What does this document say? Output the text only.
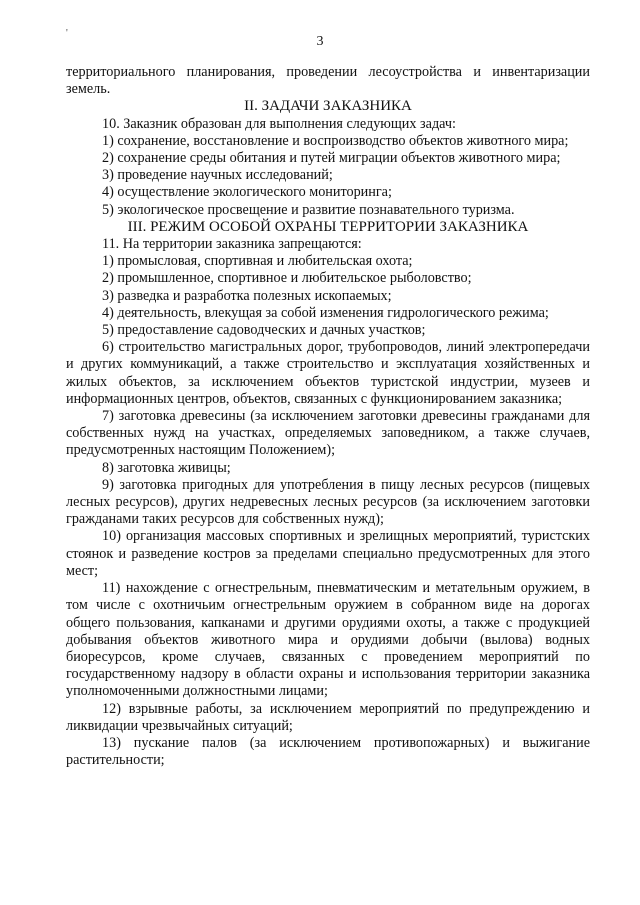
'
3

территориального планирования, проведении лесоустройства и инвентаризации

земель.

II. ЗАДАЧИ ЗАКАЗНИКА

10. Заказник образован для выполнения следующих задач:

1) сохранение, восстановление и воспроизводство объектов животного мира;

2) сохранение среды обитания и путей миграции объектов животного мира;

3) проведение научных исследований;

4) осуществление экологического мониторинга;

5) экологическое просвещение и развитие познавательного туризма.

III. РЕЖИМ ОСОБОЙ ОХРАНЫ ТЕРРИТОРИИ ЗАКАЗНИКА

11. На территории заказника запрещаются:

1) промысловая, спортивная и любительская охота;

2) промышленное, спортивное и любительское рыболовство;

3) разведка и разработка полезных ископаемых;

4) деятельность, влекущая за собой изменения гидрологического режима;

5) предоставление садоводческих и дачных участков;

6) строительство магистральных дорог, трубопроводов, линий электропередачи и других коммуникаций, а также строительство и эксплуатация хозяйственных и жилых объектов, за исключением объектов туристской индустрии, музеев и информационных центров, объектов, связанных с функционированием заказника;

7) заготовка древесины (за исключением заготовки древесины гражданами для собственных нужд на участках, определяемых заповедником, а также случаев, предусмотренных настоящим Положением);

8) заготовка живицы;

9) заготовка пригодных для употребления в пищу лесных ресурсов (пищевых лесных ресурсов), других недревесных лесных ресурсов (за исключением заготовки гражданами таких ресурсов для собственных нужд);

10) организация массовых спортивных и зрелищных мероприятий, туристских стоянок и разведение костров за пределами специально предусмотренных для этого мест;

11) нахождение с огнестрельным, пневматическим и метательным оружием, в том числе с охотничьим огнестрельным оружием в собранном виде на дорогах общего пользования, капканами и другими орудиями охоты, а также с продукцией добывания объектов животного мира и орудиями добычи (вылова) водных биоресурсов, кроме случаев, связанных с проведением мероприятий по государственному надзору в области охраны и использования территории заказника уполномоченными должностными лицами;

12) взрывные работы, за исключением мероприятий по предупреждению и ликвидации чрезвычайных ситуаций;

13) пускание палов (за исключением противопожарных) и выжигание растительности;
